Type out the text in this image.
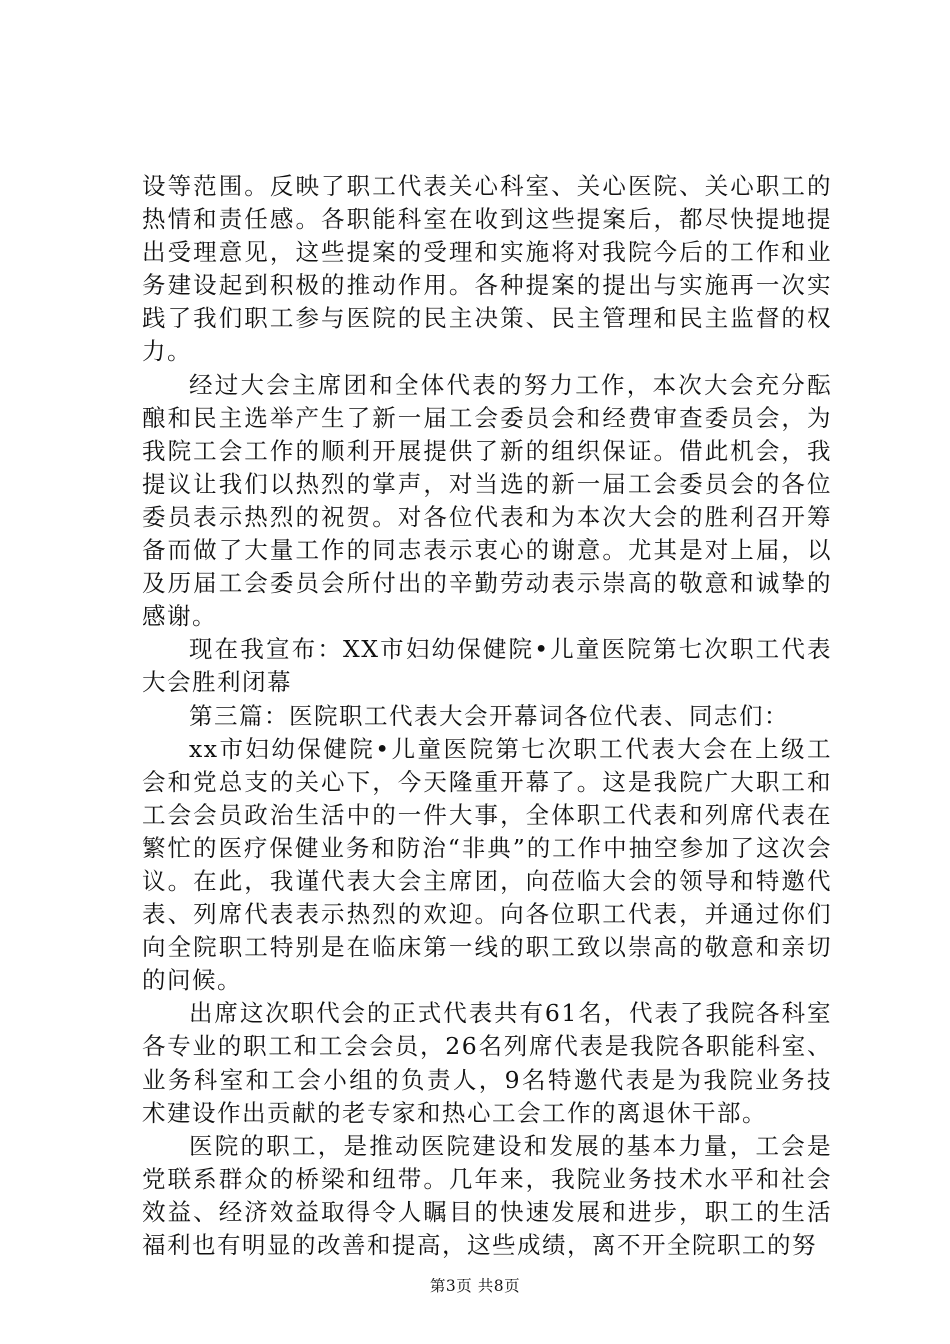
设等范围。反映了职工代表关心科室、关心医院、关心职工的热情和责任感。各职能科室在收到这些提案后，都尽快提地提出受理意见，这些提案的受理和实施将对我院今后的工作和业务建设起到积极的推动作用。各种提案的提出与实施再一次实践了我们职工参与医院的民主决策、民主管理和民主监督的权力。

经过大会主席团和全体代表的努力工作，本次大会充分酝酿和民主选举产生了新一届工会委员会和经费审查委员会，为我院工会工作的顺利开展提供了新的组织保证。借此机会，我提议让我们以热烈的掌声，对当选的新一届工会委员会的各位委员表示热烈的祝贺。对各位代表和为本次大会的胜利召开筹备而做了大量工作的同志表示衷心的谢意。尤其是对上届，以及历届工会委员会所付出的辛勤劳动表示崇高的敬意和诚挚的感谢。

现在我宣布：XX市妇幼保健院•儿童医院第七次职工代表大会胜利闭幕

第三篇：医院职工代表大会开幕词各位代表、同志们：

xx市妇幼保健院•儿童医院第七次职工代表大会在上级工会和党总支的关心下，今天隆重开幕了。这是我院广大职工和工会会员政治生活中的一件大事，全体职工代表和列席代表在繁忙的医疗保健业务和防治“非典”的工作中抽空参加了这次会议。在此，我谨代表大会主席团，向莅临大会的领导和特邀代表、列席代表表示热烈的欢迎。向各位职工代表，并通过你们向全院职工特别是在临床第一线的职工致以崇高的敬意和亲切的问候。

出席这次职代会的正式代表共有61名，代表了我院各科室各专业的职工和工会会员，26名列席代表是我院各职能科室、业务科室和工会小组的负责人，9名特邀代表是为我院业务技术建设作出贡献的老专家和热心工会工作的离退休干部。

医院的职工，是推动医院建设和发展的基本力量，工会是党联系群众的桥梁和纽带。几年来，我院业务技术水平和社会效益、经济效益取得令人瞩目的快速发展和进步，职工的生活福利也有明显的改善和提高，这些成绩，离不开全院职工的努

第3页 共8页
